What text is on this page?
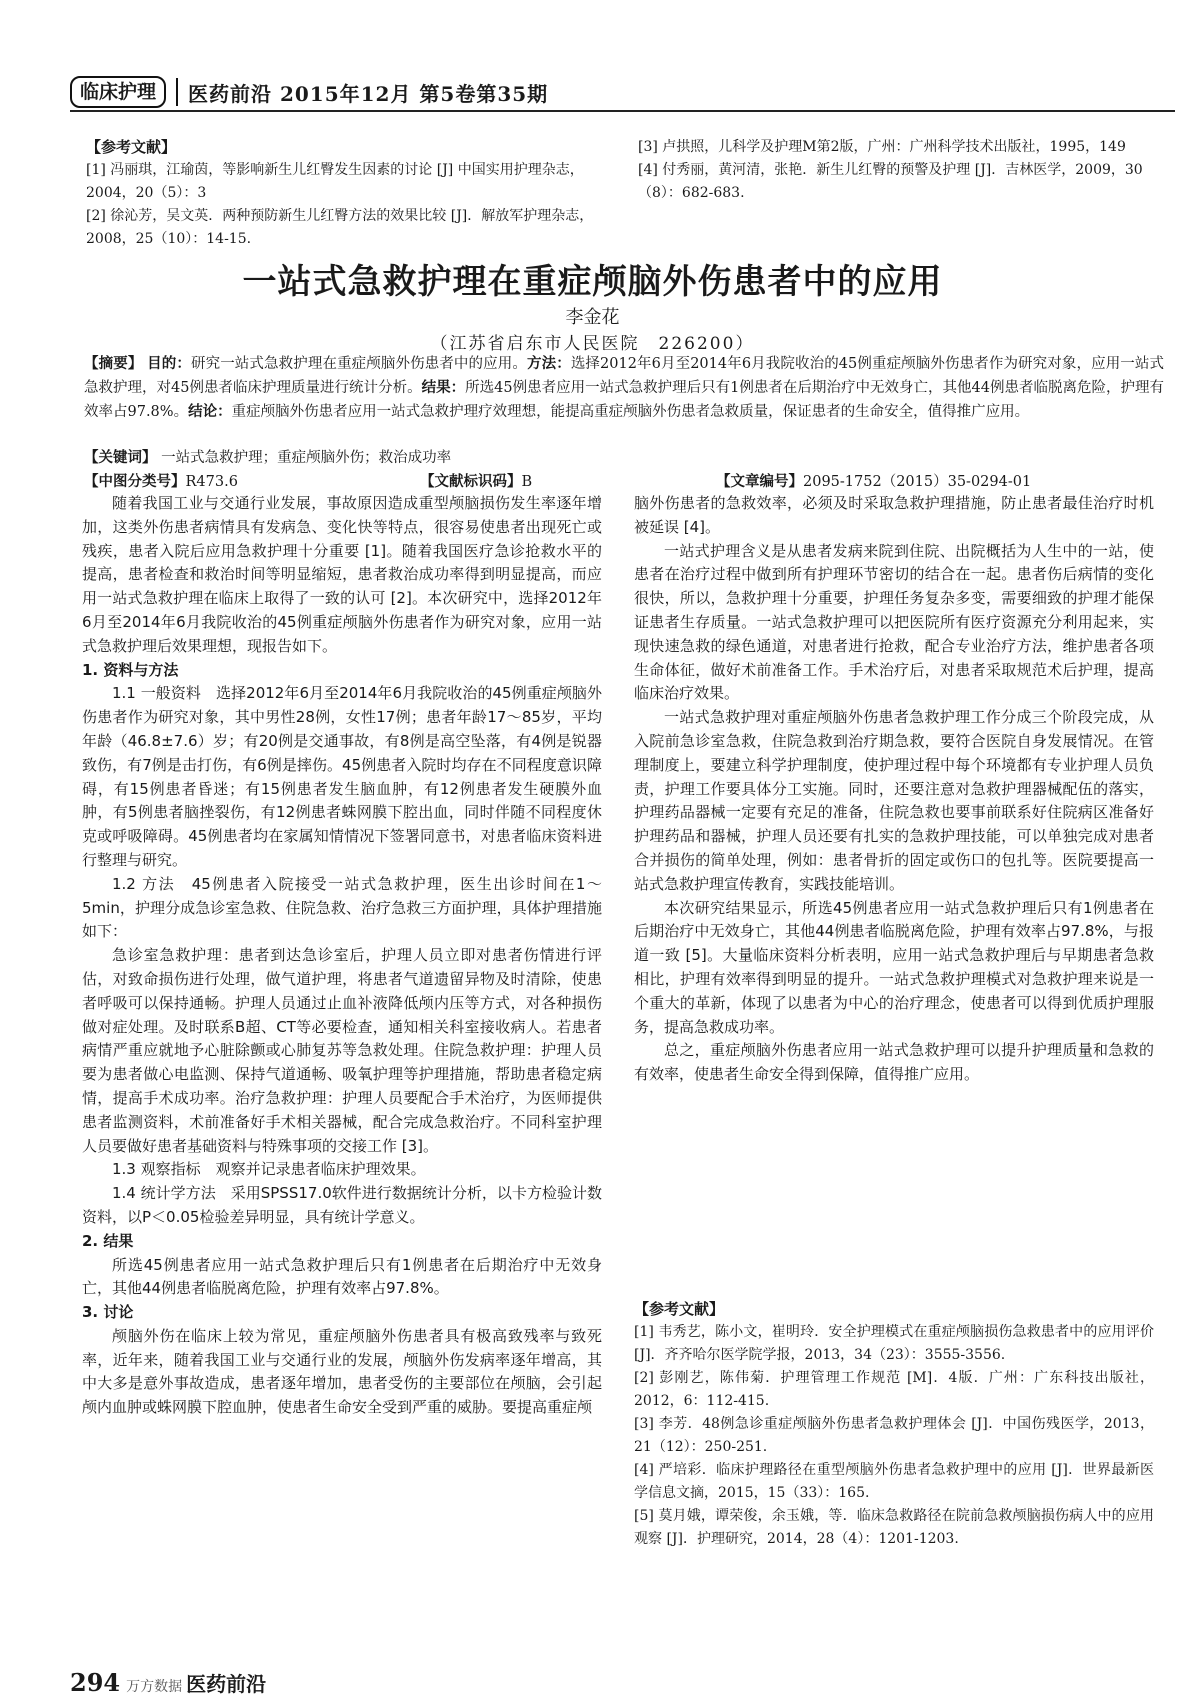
临床护理	医药前沿 2015年12月 第5卷第35期
【参考文献】
[1] 冯丽琪，江瑜茵，等影响新生儿红臀发生因素的讨论 [J] 中国实用护理杂志，2004，20（5）：3
[2] 徐沁芳，吴文英．两种预防新生儿红臀方法的效果比较 [J]．解放军护理杂志，2008，25（10）：14-15.
[3] 卢拱照，儿科学及护理M第2版，广州：广州科学技术出版社，1995，149
[4] 付秀丽，黄河清，张艳．新生儿红臀的预警及护理 [J]．吉林医学，2009，30（8）：682-683.
一站式急救护理在重症颅脑外伤患者中的应用
李金花
（江苏省启东市人民医院　226200）
【摘要】 目的：研究一站式急救护理在重症颅脑外伤患者中的应用。方法：选择2012年6月至2014年6月我院收治的45例重症颅脑外伤患者作为研究对象，应用一站式急救护理，对45例患者临床护理质量进行统计分析。结果：所选45例患者应用一站式急救护理后只有1例患者在后期治疗中无效身亡，其他44例患者临脱离危险，护理有效率占97.8%。结论：重症颅脑外伤患者应用一站式急救护理疗效理想，能提高重症颅脑外伤患者急救质量，保证患者的生命安全，值得推广应用。
【关键词】 一站式急救护理；重症颅脑外伤；救治成功率
【中图分类号】R473.6	【文献标识码】B	【文章编号】2095-1752（2015）35-0294-01

随着我国工业与交通行业发展，事故原因造成重型颅脑损伤发生率逐年增加，这类外伤患者病情具有发病急、变化快等特点，很容易使患者出现死亡或残疾，患者入院后应用急救护理十分重要 [1]。随着我国医疗急诊抢救水平的提高，患者检查和救治时间等明显缩短，患者救治成功率得到明显提高，而应用一站式急救护理在临床上取得了一致的认可 [2]。本次研究中，选择2012年6月至2014年6月我院收治的45例重症颅脑外伤患者作为研究对象，应用一站式急救护理后效果理想，现报告如下。

1. 资料与方法

1.1 一般资料　选择2012年6月至2014年6月我院收治的45例重症颅脑外伤患者作为研究对象，其中男性28例，女性17例；患者年龄17～85岁，平均年龄（46.8±7.6）岁；有20例是交通事故，有8例是高空坠落，有4例是锐器致伤，有7例是击打伤，有6例是摔伤。45例患者入院时均存在不同程度意识障碍，有15例患者昏迷；有15例患者发生脑血肿，有12例患者发生硬膜外血肿，有5例患者脑挫裂伤，有12例患者蛛网膜下腔出血，同时伴随不同程度休克或呼吸障碍。45例患者均在家属知情情况下签署同意书，对患者临床资料进行整理与研究。

1.2 方法　45例患者入院接受一站式急救护理，医生出诊时间在1～5min，护理分成急诊室急救、住院急救、治疗急救三方面护理，具体护理措施如下：

急诊室急救护理：患者到达急诊室后，护理人员立即对患者伤情进行评估，对致命损伤进行处理，做气道护理，将患者气道遗留异物及时清除，使患者呼吸可以保持通畅。护理人员通过止血补液降低颅内压等方式，对各种损伤做对症处理。及时联系B超、CT等必要检查，通知相关科室接收病人。若患者病情严重应就地予心脏除颤或心肺复苏等急救处理。住院急救护理：护理人员要为患者做心电监测、保持气道通畅、吸氧护理等护理措施，帮助患者稳定病情，提高手术成功率。治疗急救护理：护理人员要配合手术治疗，为医师提供患者监测资料，术前准备好手术相关器械，配合完成急救治疗。不同科室护理人员要做好患者基础资料与特殊事项的交接工作 [3]。

1.3 观察指标　观察并记录患者临床护理效果。

1.4 统计学方法　采用SPSS17.0软件进行数据统计分析，以卡方检验计数资料，以P＜0.05检验差异明显，具有统计学意义。

2. 结果

所选45例患者应用一站式急救护理后只有1例患者在后期治疗中无效身亡，其他44例患者临脱离危险，护理有效率占97.8%。

3. 讨论

颅脑外伤在临床上较为常见，重症颅脑外伤患者具有极高致残率与致死率，近年来，随着我国工业与交通行业的发展，颅脑外伤发病率逐年增高，其中大多是意外事故造成，患者逐年增加，患者受伤的主要部位在颅脑，会引起颅内血肿或蛛网膜下腔血肿，使患者生命安全受到严重的威胁。要提高重症颅

脑外伤患者的急救效率，必须及时采取急救护理措施，防止患者最佳治疗时机被延误 [4]。

一站式护理含义是从患者发病来院到住院、出院概括为人生中的一站，使患者在治疗过程中做到所有护理环节密切的结合在一起。患者伤后病情的变化很快，所以，急救护理十分重要，护理任务复杂多变，需要细致的护理才能保证患者生存质量。一站式急救护理可以把医院所有医疗资源充分利用起来，实现快速急救的绿色通道，对患者进行抢救，配合专业治疗方法，维护患者各项生命体征，做好术前准备工作。手术治疗后，对患者采取规范术后护理，提高临床治疗效果。

一站式急救护理对重症颅脑外伤患者急救护理工作分成三个阶段完成，从入院前急诊室急救，住院急救到治疗期急救，要符合医院自身发展情况。在管理制度上，要建立科学护理制度，使护理过程中每个环境都有专业护理人员负责，护理工作要具体分工实施。同时，还要注意对急救护理器械配伍的落实，护理药品器械一定要有充足的准备，住院急救也要事前联系好住院病区准备好护理药品和器械，护理人员还要有扎实的急救护理技能，可以单独完成对患者合并损伤的简单处理，例如：患者骨折的固定或伤口的包扎等。医院要提高一站式急救护理宣传教育，实践技能培训。

本次研究结果显示，所选45例患者应用一站式急救护理后只有1例患者在后期治疗中无效身亡，其他44例患者临脱离危险，护理有效率占97.8%，与报道一致 [5]。大量临床资料分析表明，应用一站式急救护理后与早期患者急救相比，护理有效率得到明显的提升。一站式急救护理模式对急救护理来说是一个重大的革新，体现了以患者为中心的治疗理念，使患者可以得到优质护理服务，提高急救成功率。

总之，重症颅脑外伤患者应用一站式急救护理可以提升护理质量和急救的有效率，使患者生命安全得到保障，值得推广应用。

【参考文献】
[1] 韦秀艺，陈小文，崔明玲．安全护理模式在重症颅脑损伤急救患者中的应用评价 [J]．齐齐哈尔医学院学报，2013，34（23）：3555-3556.
[2] 彭刚艺，陈伟菊．护理管理工作规范 [M]．4版．广州：广东科技出版社，2012，6：112-415.
[3] 李芳．48例急诊重症颅脑外伤患者急救护理体会 [J]．中国伤残医学，2013，21（12）：250-251.
[4] 严培彩．临床护理路径在重型颅脑外伤患者急救护理中的应用 [J]．世界最新医学信息文摘，2015，15（33）：165.
[5] 莫月娥，谭荣俊，余玉娥，等．临床急救路径在院前急救颅脑损伤病人中的应用观察 [J]．护理研究，2014，28（4）：1201-1203.
294 万方数据 医药前沿
